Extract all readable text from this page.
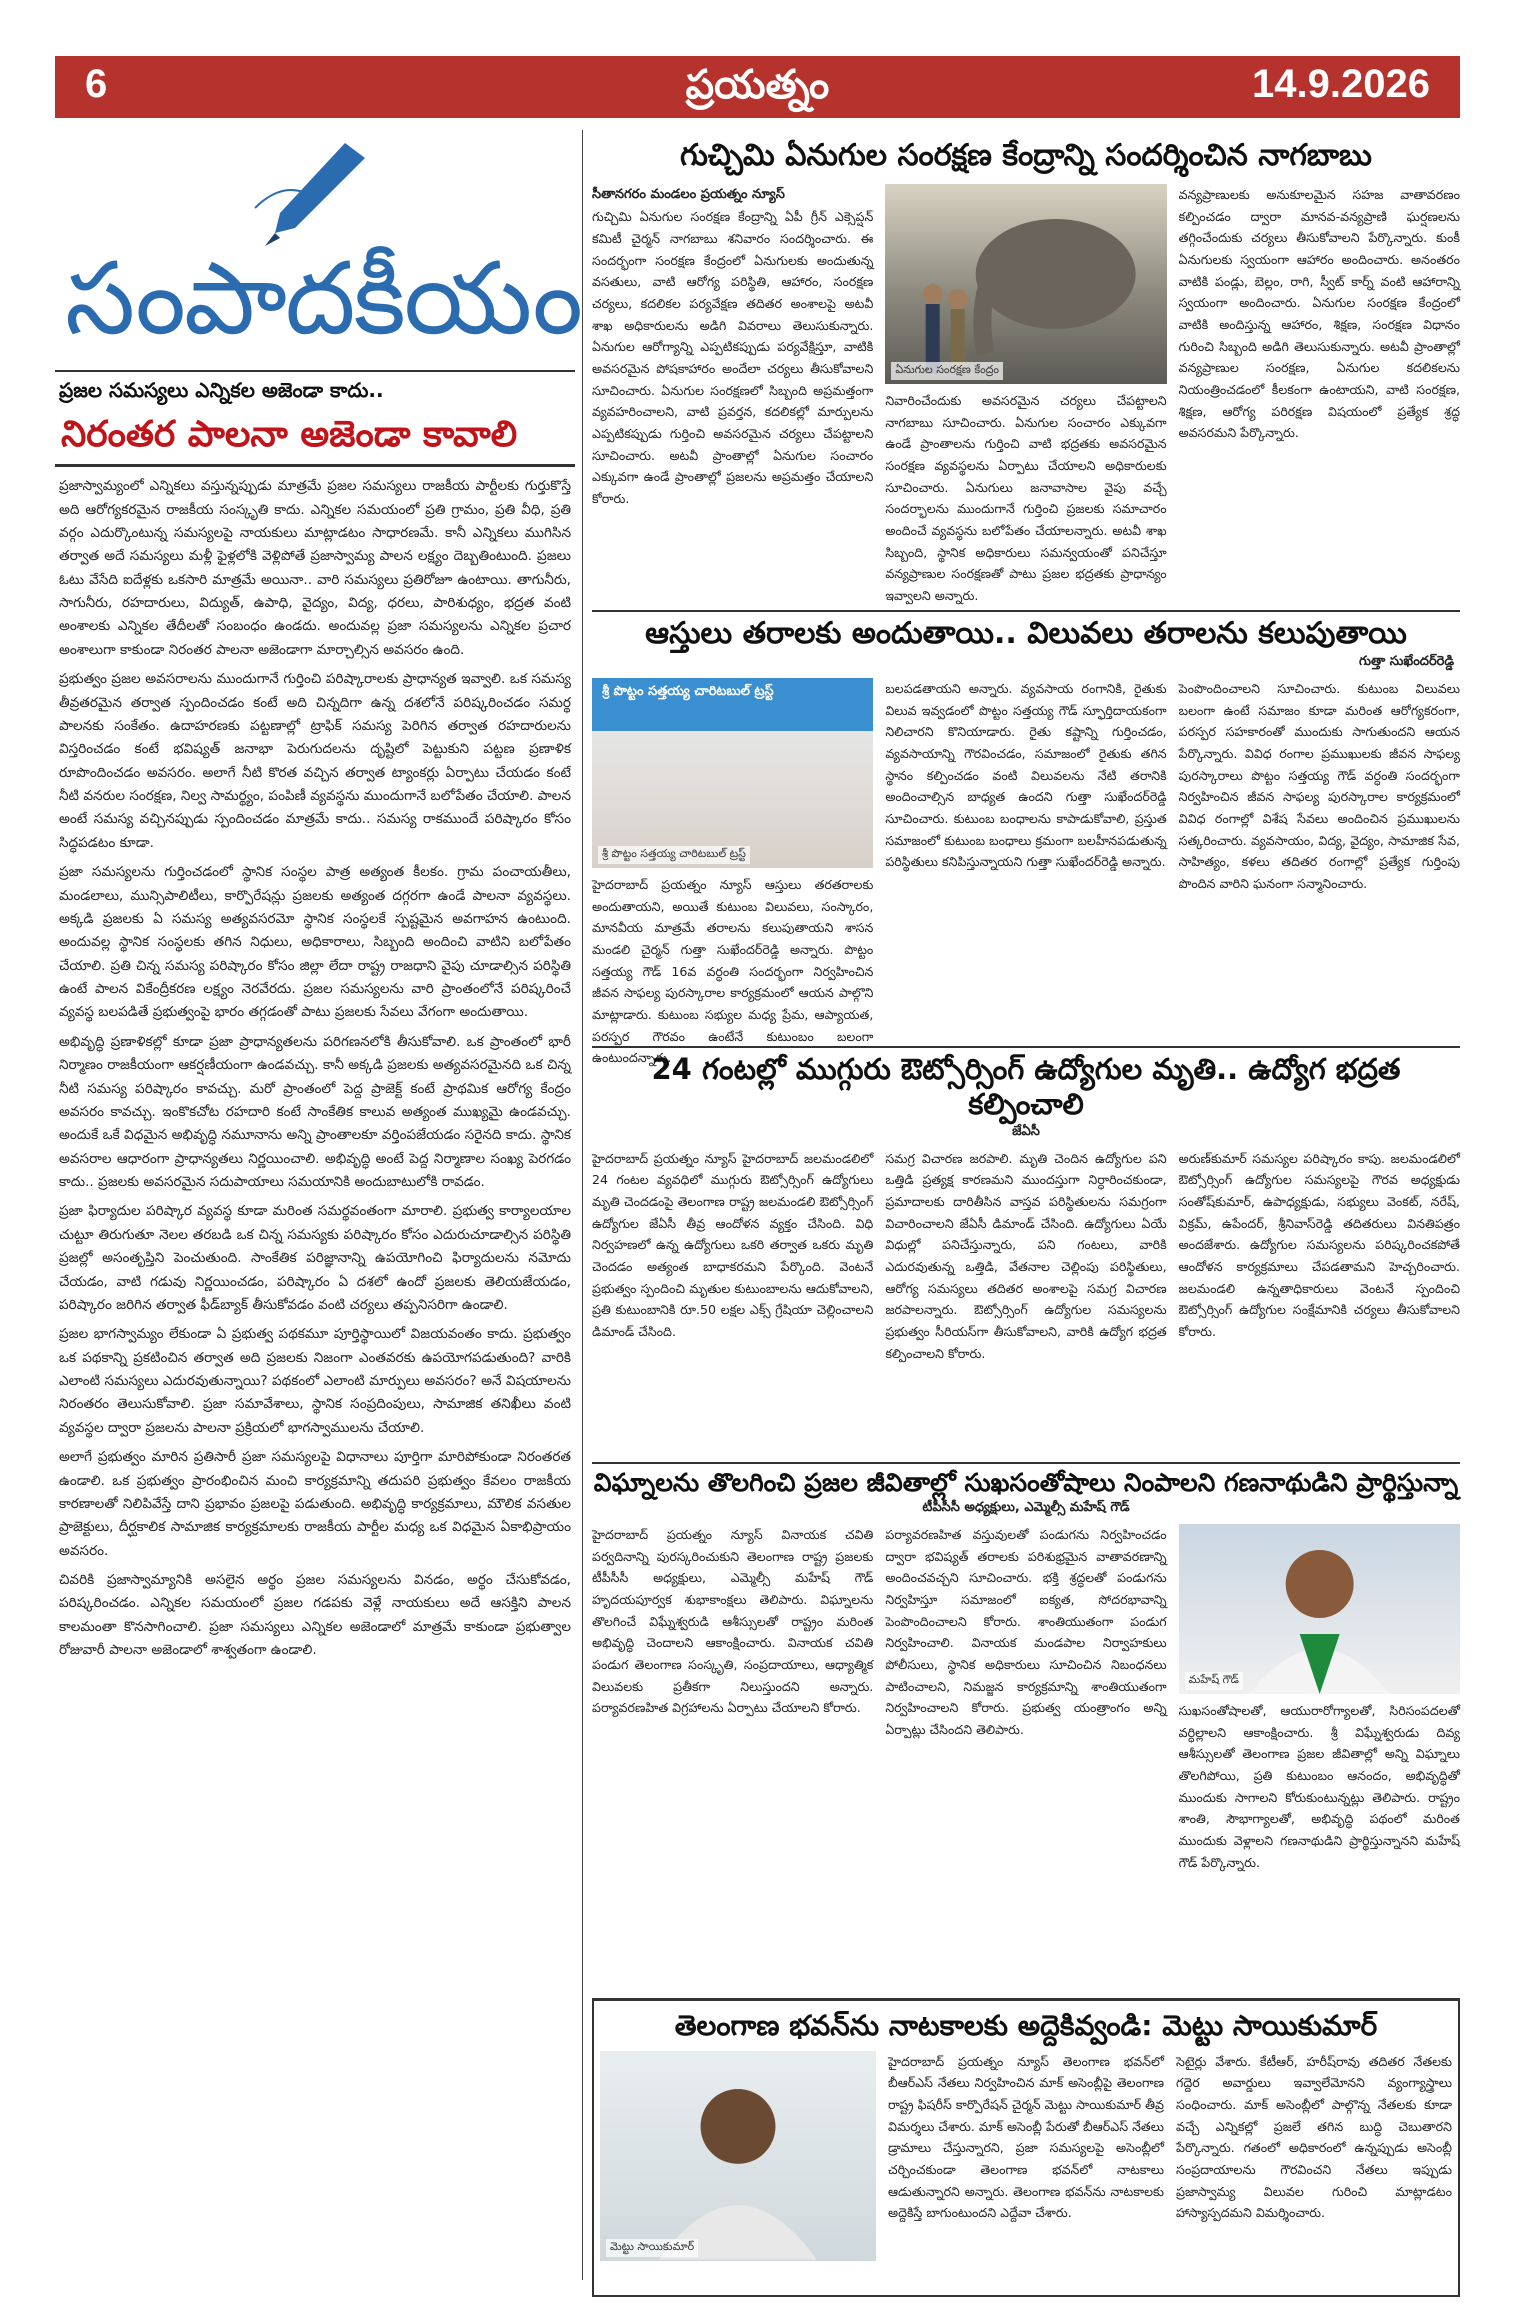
6	ప్రయత్నం	14.9.2026
సంపాదకీయం
ప్రజల సమస్యలు ఎన్నికల అజెండా కాదు..
నిరంతర పాలనా అజెండా కావాలి

ప్రజాస్వామ్యంలో ఎన్నికలు వస్తున్నప్పుడు మాత్రమే ప్రజల సమస్యలు రాజకీయ పార్టీలకు గుర్తుకొస్తే అది ఆరోగ్యకరమైన రాజకీయ సంస్కృతి కాదు. ఎన్నికల సమయంలో ప్రతి గ్రామం, ప్రతి వీధి, ప్రతి వర్గం ఎదుర్కొంటున్న సమస్యలపై నాయకులు మాట్లాడటం సాధారణమే. కానీ ఎన్నికలు ముగిసిన తర్వాత అదే సమస్యలు మళ్లీ ఫైళ్లలోకి వెళ్లిపోతే ప్రజాస్వామ్య పాలన లక్ష్యం దెబ్బతింటుంది. ప్రజలు ఓటు వేసేది ఐదేళ్లకు ఒకసారి మాత్రమే అయినా.. వారి సమస్యలు ప్రతిరోజూ ఉంటాయి. తాగునీరు, సాగునీరు, రహదారులు, విద్యుత్, ఉపాధి, వైద్యం, విద్య, ధరలు, పారిశుధ్యం, భద్రత వంటి అంశాలకు ఎన్నికల తేదీలతో సంబంధం ఉండదు. అందువల్ల ప్రజా సమస్యలను ఎన్నికల ప్రచార అంశాలుగా కాకుండా నిరంతర పాలనా అజెండాగా మార్చాల్సిన అవసరం ఉంది.

ప్రభుత్వం ప్రజల అవసరాలను ముందుగానే గుర్తించి పరిష్కారాలకు ప్రాధాన్యత ఇవ్వాలి. ఒక సమస్య తీవ్రతరమైన తర్వాత స్పందించడం కంటే అది చిన్నదిగా ఉన్న దశలోనే పరిష్కరించడం సమర్థ పాలనకు సంకేతం. ఉదాహరణకు పట్టణాల్లో ట్రాఫిక్ సమస్య పెరిగిన తర్వాత రహదారులను విస్తరించడం కంటే భవిష్యత్ జనాభా పెరుగుదలను దృష్టిలో పెట్టుకుని పట్టణ ప్రణాళిక రూపొందించడం అవసరం. అలాగే నీటి కొరత వచ్చిన తర్వాత ట్యాంకర్లు ఏర్పాటు చేయడం కంటే నీటి వనరుల సంరక్షణ, నిల్వ సామర్థ్యం, పంపిణీ వ్యవస్థను ముందుగానే బలోపేతం చేయాలి. పాలన అంటే సమస్య వచ్చినప్పుడు స్పందించడం మాత్రమే కాదు.. సమస్య రాకముందే పరిష్కారం కోసం సిద్ధపడటం కూడా.

ప్రజా సమస్యలను గుర్తించడంలో స్థానిక సంస్థల పాత్ర అత్యంత కీలకం. గ్రామ పంచాయతీలు, మండలాలు, మున్సిపాలిటీలు, కార్పొరేషన్లు ప్రజలకు అత్యంత దగ్గరగా ఉండే పాలనా వ్యవస్థలు. అక్కడి ప్రజలకు ఏ సమస్య అత్యవసరమో స్థానిక సంస్థలకే స్పష్టమైన అవగాహన ఉంటుంది. అందువల్ల స్థానిక సంస్థలకు తగిన నిధులు, అధికారాలు, సిబ్బంది అందించి వాటిని బలోపేతం చేయాలి. ప్రతి చిన్న సమస్య పరిష్కారం కోసం జిల్లా లేదా రాష్ట్ర రాజధాని వైపు చూడాల్సిన పరిస్థితి ఉంటే పాలన వికేంద్రీకరణ లక్ష్యం నెరవేరదు. ప్రజల సమస్యలను వారి ప్రాంతంలోనే పరిష్కరించే వ్యవస్థ బలపడితే ప్రభుత్వంపై భారం తగ్గడంతో పాటు ప్రజలకు సేవలు వేగంగా అందుతాయి.

అభివృద్ధి ప్రణాళికల్లో కూడా ప్రజా ప్రాధాన్యతలను పరిగణనలోకి తీసుకోవాలి. ఒక ప్రాంతంలో భారీ నిర్మాణం రాజకీయంగా ఆకర్షణీయంగా ఉండవచ్చు. కానీ అక్కడి ప్రజలకు అత్యవసరమైనది ఒక చిన్న నీటి సమస్య పరిష్కారం కావచ్చు. మరో ప్రాంతంలో పెద్ద ప్రాజెక్ట్ కంటే ప్రాథమిక ఆరోగ్య కేంద్రం అవసరం కావచ్చు. ఇంకొకచోట రహదారి కంటే సాంకేతిక కాలువ అత్యంత ముఖ్యమై ఉండవచ్చు. అందుకే ఒకే విధమైన అభివృద్ధి నమూనాను అన్ని ప్రాంతాలకూ వర్తింపజేయడం సరైనది కాదు. స్థానిక అవసరాల ఆధారంగా ప్రాధాన్యతలు నిర్ణయించాలి. అభివృద్ధి అంటే పెద్ద నిర్మాణాల సంఖ్య పెరగడం కాదు.. ప్రజలకు అవసరమైన సదుపాయాలు సమయానికి అందుబాటులోకి రావడం.

ప్రజా ఫిర్యాదుల పరిష్కార వ్యవస్థ కూడా మరింత సమర్థవంతంగా మారాలి. ప్రభుత్వ కార్యాలయాల చుట్టూ తిరుగుతూ నెలల తరబడి ఒక చిన్న సమస్యకు పరిష్కారం కోసం ఎదురుచూడాల్సిన పరిస్థితి ప్రజల్లో అసంతృప్తిని పెంచుతుంది. సాంకేతిక పరిజ్ఞానాన్ని ఉపయోగించి ఫిర్యాదులను నమోదు చేయడం, వాటి గడువు నిర్ణయించడం, పరిష్కారం ఏ దశలో ఉందో ప్రజలకు తెలియజేయడం, పరిష్కారం జరిగిన తర్వాత ఫీడ్‌బ్యాక్ తీసుకోవడం వంటి చర్యలు తప్పనిసరిగా ఉండాలి.

ప్రజల భాగస్వామ్యం లేకుండా ఏ ప్రభుత్వ పథకమూ పూర్తిస్థాయిలో విజయవంతం కాదు. ప్రభుత్వం ఒక పథకాన్ని ప్రకటించిన తర్వాత అది ప్రజలకు నిజంగా ఎంతవరకు ఉపయోగపడుతుంది? వారికి ఎలాంటి సమస్యలు ఎదురవుతున్నాయి? పథకంలో ఎలాంటి మార్పులు అవసరం? అనే విషయాలను నిరంతరం తెలుసుకోవాలి. ప్రజా సమావేశాలు, స్థానిక సంప్రదింపులు, సామాజిక తనిఖీలు వంటి వ్యవస్థల ద్వారా ప్రజలను పాలనా ప్రక్రియలో భాగస్వాములను చేయాలి.

అలాగే ప్రభుత్వం మారిన ప్రతిసారీ ప్రజా సమస్యలపై విధానాలు పూర్తిగా మారిపోకుండా నిరంతరత ఉండాలి. ఒక ప్రభుత్వం ప్రారంభించిన మంచి కార్యక్రమాన్ని తదుపరి ప్రభుత్వం కేవలం రాజకీయ కారణాలతో నిలిపివేస్తే దాని ప్రభావం ప్రజలపై పడుతుంది. అభివృద్ధి కార్యక్రమాలు, మౌలిక వసతుల ప్రాజెక్టులు, దీర్ఘకాలిక సామాజిక కార్యక్రమాలకు రాజకీయ పార్టీల మధ్య ఒక విధమైన ఏకాభిప్రాయం అవసరం.

చివరికి ప్రజాస్వామ్యానికి అసలైన అర్థం ప్రజల సమస్యలను వినడం, అర్థం చేసుకోవడం, పరిష్కరించడం. ఎన్నికల సమయంలో ప్రజల గడపకు వెళ్లే నాయకులు అదే ఆసక్తిని పాలన కాలమంతా కొనసాగించాలి. ప్రజా సమస్యలు ఎన్నికల అజెండాలో మాత్రమే కాకుండా ప్రభుత్వాల రోజువారీ పాలనా అజెండాలో శాశ్వతంగా ఉండాలి.

గుచ్చిమి ఏనుగుల సంరక్షణ కేంద్రాన్ని సందర్శించిన నాగబాబు
సీతానగరం మండలం ప్రయత్నం న్యూస్

గుచ్చిమి ఏనుగుల సంరక్షణ కేంద్రాన్ని ఏపీ గ్రీన్ ఎక్సెప్షన్ కమిటీ చైర్మన్ నాగబాబు శనివారం సందర్శించారు. ఈ సందర్భంగా సంరక్షణ కేంద్రంలో ఏనుగులకు అందుతున్న వసతులు, వాటి ఆరోగ్య పరిస్థితి, ఆహారం, సంరక్షణ చర్యలు, కదలికల పర్యవేక్షణ తదితర అంశాలపై అటవీ శాఖ అధికారులను అడిగి వివరాలు తెలుసుకున్నారు. ఏనుగుల ఆరోగ్యాన్ని ఎప్పటికప్పుడు పర్యవేక్షిస్తూ, వాటికి అవసరమైన పోషకాహారం అందేలా చర్యలు తీసుకోవాలని సూచించారు. ఏనుగుల సంరక్షణలో సిబ్బంది అప్రమత్తంగా వ్యవహరించాలని, వాటి ప్రవర్తన, కదలికల్లో మార్పులను ఎప్పటికప్పుడు గుర్తించి అవసరమైన చర్యలు చేపట్టాలని సూచించారు. అటవీ ప్రాంతాల్లో ఏనుగుల సంచారం ఎక్కువగా ఉండే ప్రాంతాల్లో ప్రజలను అప్రమత్తం చేయాలని కోరారు.

ఏనుగుల సంరక్షణ కేంద్రం

నివారించేందుకు అవసరమైన చర్యలు చేపట్టాలని నాగబాబు సూచించారు. ఏనుగుల సంచారం ఎక్కువగా ఉండే ప్రాంతాలను గుర్తించి వాటి భద్రతకు అవసరమైన సంరక్షణ వ్యవస్థలను ఏర్పాటు చేయాలని అధికారులకు సూచించారు. ఏనుగులు జనావాసాల వైపు వచ్చే సందర్భాలను ముందుగానే గుర్తించి ప్రజలకు సమాచారం అందించే వ్యవస్థను బలోపేతం చేయాలన్నారు. అటవీ శాఖ సిబ్బంది, స్థానిక అధికారులు సమన్వయంతో పనిచేస్తూ వన్యప్రాణుల సంరక్షణతో పాటు ప్రజల భద్రతకు ప్రాధాన్యం ఇవ్వాలని అన్నారు.

వన్యప్రాణులకు అనుకూలమైన సహజ వాతావరణం కల్పించడం ద్వారా మానవ-వన్యప్రాణి ఘర్షణలను తగ్గించేందుకు చర్యలు తీసుకోవాలని పేర్కొన్నారు. కుంకీ ఏనుగులకు స్వయంగా ఆహారం అందించారు. అనంతరం వాటికి పండ్లు, బెల్లం, రాగి, స్వీట్ కార్న్ వంటి ఆహారాన్ని స్వయంగా అందించారు. ఏనుగుల సంరక్షణ కేంద్రంలో వాటికి అందిస్తున్న ఆహారం, శిక్షణ, సంరక్షణ విధానం గురించి సిబ్బంది అడిగి తెలుసుకున్నారు. అటవీ ప్రాంతాల్లో వన్యప్రాణుల సంరక్షణ, ఏనుగుల కదలికలను నియంత్రించడంలో కీలకంగా ఉంటాయని, వాటి సంరక్షణ, శిక్షణ, ఆరోగ్య పరిరక్షణ విషయంలో ప్రత్యేక శ్రద్ధ అవసరమని పేర్కొన్నారు.

ఆస్తులు తరాలకు అందుతాయి.. విలువలు తరాలను కలుపుతాయి
గుత్తా సుఖేందర్‌రెడ్డి
శ్రీ పొట్టం సత్తయ్య చారిటబుల్ ట్రస్ట్
శ్రీ పొట్టం సత్తయ్య చారిటబుల్ ట్రస్ట్

హైదరాబాద్ ప్రయత్నం న్యూస్ ఆస్తులు తరతరాలకు అందుతాయని, అయితే కుటుంబ విలువలు, సంస్కారం, మానవీయ మాత్రమే తరాలను కలుపుతాయని శాసన మండలి చైర్మన్ గుత్తా సుఖేందర్‌రెడ్డి అన్నారు. పొట్టం సత్తయ్య గౌడ్ 16వ వర్ధంతి సందర్భంగా నిర్వహించిన జీవన సాఫల్య పురస్కారాల కార్యక్రమంలో ఆయన పాల్గొని మాట్లాడారు. కుటుంబ సభ్యుల మధ్య ప్రేమ, ఆప్యాయత, పరస్పర గౌరవం ఉంటేనే కుటుంబం బలంగా ఉంటుందన్నారు.

బలపడతాయని అన్నారు. వ్యవసాయ రంగానికి, రైతుకు విలువ ఇవ్వడంలో పొట్టం సత్తయ్య గౌడ్ స్ఫూర్తిదాయకంగా నిలిచారని కొనియాడారు. రైతు కష్టాన్ని గుర్తించడం, వ్యవసాయాన్ని గౌరవించడం, సమాజంలో రైతుకు తగిన స్థానం కల్పించడం వంటి విలువలను నేటి తరానికి అందించాల్సిన బాధ్యత ఉందని గుత్తా సుఖేందర్‌రెడ్డి సూచించారు. కుటుంబ బంధాలను కాపాడుకోవాలి, ప్రస్తుత సమాజంలో కుటుంబ బంధాలు క్రమంగా బలహీనపడుతున్న పరిస్థితులు కనిపిస్తున్నాయని గుత్తా సుఖేందర్‌రెడ్డి అన్నారు.

పెంపొందించాలని సూచించారు. కుటుంబ విలువలు బలంగా ఉంటే సమాజం కూడా మరింత ఆరోగ్యకరంగా, పరస్పర సహకారంతో ముందుకు సాగుతుందని ఆయన పేర్కొన్నారు. వివిధ రంగాల ప్రముఖులకు జీవన సాఫల్య పురస్కారాలు పొట్టం సత్తయ్య గౌడ్ వర్ధంతి సందర్భంగా నిర్వహించిన జీవన సాఫల్య పురస్కారాల కార్యక్రమంలో వివిధ రంగాల్లో విశేష సేవలు అందించిన ప్రముఖులను సత్కరించారు. వ్యవసాయం, విద్య, వైద్యం, సామాజిక సేవ, సాహిత్యం, కళలు తదితర రంగాల్లో ప్రత్యేక గుర్తింపు పొందిన వారిని ఘనంగా సన్మానించారు.

24 గంటల్లో ముగ్గురు ఔట్సోర్సింగ్ ఉద్యోగుల మృతి.. ఉద్యోగ భద్రత కల్పించాలి
జేఏసీ

హైదరాబాద్ ప్రయత్నం న్యూస్ హైదరాబాద్ జలమండలిలో 24 గంటల వ్యవధిలో ముగ్గురు ఔట్సోర్సింగ్ ఉద్యోగులు మృతి చెందడంపై తెలంగాణ రాష్ట్ర జలమండలి ఔట్సోర్సింగ్ ఉద్యోగుల జేఏసీ తీవ్ర ఆందోళన వ్యక్తం చేసింది. విధి నిర్వహణలో ఉన్న ఉద్యోగులు ఒకరి తర్వాత ఒకరు మృతి చెందడం అత్యంత బాధాకరమని పేర్కొంది. వెంటనే ప్రభుత్వం స్పందించి మృతుల కుటుంబాలను ఆదుకోవాలని, ప్రతి కుటుంబానికి రూ.50 లక్షల ఎక్స్ గ్రేషియా చెల్లించాలని డిమాండ్ చేసింది.

సమగ్ర విచారణ జరపాలి. మృతి చెందిన ఉద్యోగుల పని ఒత్తిడి ప్రత్యక్ష కారణమని ముందస్తుగా నిర్ధారించకుండా, ప్రమాదాలకు దారితీసిన వాస్తవ పరిస్థితులను సమగ్రంగా విచారించాలని జేఏసీ డిమాండ్ చేసింది. ఉద్యోగులు ఏయే విధుల్లో పనిచేస్తున్నారు, పని గంటలు, వారికి ఎదురవుతున్న ఒత్తిడి, వేతనాల చెల్లింపు పరిస్థితులు, ఆరోగ్య సమస్యలు తదితర అంశాలపై సమగ్ర విచారణ జరపాలన్నారు. ఔట్సోర్సింగ్ ఉద్యోగుల సమస్యలను ప్రభుత్వం సీరియస్‌గా తీసుకోవాలని, వారికి ఉద్యోగ భద్రత కల్పించాలని కోరారు.

అరుణ్‌కుమార్ సమస్యల పరిష్కారం కాపు. జలమండలిలో ఔట్సోర్సింగ్ ఉద్యోగుల సమస్యలపై గౌరవ అధ్యక్షుడు సంతోష్‌కుమార్, ఉపాధ్యక్షుడు, సభ్యులు వెంకట్, నరేష్, విక్రమ్, ఉపేందర్, శ్రీనివాస్‌రెడ్డి తదితరులు వినతిపత్రం అందజేశారు. ఉద్యోగుల సమస్యలను పరిష్కరించకపోతే ఆందోళన కార్యక్రమాలు చేపడతామని హెచ్చరించారు. జలమండలి ఉన్నతాధికారులు వెంటనే స్పందించి ఔట్సోర్సింగ్ ఉద్యోగుల సంక్షేమానికి చర్యలు తీసుకోవాలని కోరారు.

విఘ్నాలను తొలగించి ప్రజల జీవితాల్లో సుఖసంతోషాలు నింపాలని గణనాథుడిని ప్రార్థిస్తున్నా
టీపీసీసీ అధ్యక్షులు, ఎమ్మెల్సీ మహేష్ గౌడ్

హైదరాబాద్ ప్రయత్నం న్యూస్ వినాయక చవితి పర్వదినాన్ని పురస్కరించుకుని తెలంగాణ రాష్ట్ర ప్రజలకు టీపీసీసీ అధ్యక్షులు, ఎమ్మెల్సీ మహేష్ గౌడ్ హృదయపూర్వక శుభాకాంక్షలు తెలిపారు. విఘ్నాలను తొలగించే విఘ్నేశ్వరుడి ఆశీస్సులతో రాష్ట్రం మరింత అభివృద్ధి చెందాలని ఆకాంక్షించారు. వినాయక చవితి పండుగ తెలంగాణ సంస్కృతి, సంప్రదాయాలు, ఆధ్యాత్మిక విలువలకు ప్రతీకగా నిలుస్తుందని అన్నారు. పర్యావరణహిత విగ్రహాలను ఏర్పాటు చేయాలని కోరారు.

పర్యావరణహిత వస్తువులతో పండుగను నిర్వహించడం ద్వారా భవిష్యత్ తరాలకు పరిశుభ్రమైన వాతావరణాన్ని అందించవచ్చని సూచించారు. భక్తి శ్రద్ధలతో పండుగను నిర్వహిస్తూ సమాజంలో ఐక్యత, సోదరభావాన్ని పెంపొందించాలని కోరారు. శాంతియుతంగా పండుగ నిర్వహించాలి. వినాయక మండపాల నిర్వాహకులు పోలీసులు, స్థానిక అధికారులు సూచించిన నిబంధనలు పాటించాలని, నిమజ్జన కార్యక్రమాన్ని శాంతియుతంగా నిర్వహించాలని కోరారు. ప్రభుత్వ యంత్రాంగం అన్ని ఏర్పాట్లు చేసిందని తెలిపారు.

మహేష్ గౌడ్

సుఖసంతోషాలతో, ఆయురారోగ్యాలతో, సిరిసంపదలతో వర్ధిల్లాలని ఆకాంక్షించారు. శ్రీ విఘ్నేశ్వరుడు దివ్య ఆశీస్సులతో తెలంగాణ ప్రజల జీవితాల్లో అన్ని విఘ్నాలు తొలగిపోయి, ప్రతి కుటుంబం ఆనందం, అభివృద్ధితో ముందుకు సాగాలని కోరుకుంటున్నట్లు తెలిపారు. రాష్ట్రం శాంతి, సౌభాగ్యాలతో, అభివృద్ధి పథంలో మరింత ముందుకు వెళ్లాలని గణనాథుడిని ప్రార్థిస్తున్నానని మహేష్ గౌడ్ పేర్కొన్నారు.

తెలంగాణ భవన్‌ను నాటకాలకు అద్దెకివ్వండి: మెట్టు సాయికుమార్
మెట్టు సాయికుమార్

హైదరాబాద్ ప్రయత్నం న్యూస్ తెలంగాణ భవన్‌లో బీఆర్ఎస్ నేతలు నిర్వహించిన మాక్ అసెంబ్లీపై తెలంగాణ రాష్ట్ర ఫిషరీస్ కార్పొరేషన్ చైర్మన్ మెట్టు సాయికుమార్ తీవ్ర విమర్శలు చేశారు. మాక్ అసెంబ్లీ పేరుతో బీఆర్ఎస్ నేతలు డ్రామాలు చేస్తున్నారని, ప్రజా సమస్యలపై అసెంబ్లీలో చర్చించకుండా తెలంగాణ భవన్‌లో నాటకాలు ఆడుతున్నారని అన్నారు. తెలంగాణ భవన్‌ను నాటకాలకు అద్దెకిస్తే బాగుంటుందని ఎద్దేవా చేశారు.

సెటైర్లు వేశారు. కేటీఆర్, హరీష్‌రావు తదితర నేతలకు గద్దెర అవార్డులు ఇవ్వాలేమోనని వ్యంగ్యాస్త్రాలు సంధించారు. మాక్ అసెంబ్లీలో పాల్గొన్న నేతలకు కూడా వచ్చే ఎన్నికల్లో ప్రజలే తగిన బుద్ధి చెబుతారని పేర్కొన్నారు. గతంలో అధికారంలో ఉన్నప్పుడు అసెంబ్లీ సంప్రదాయాలను గౌరవించని నేతలు ఇప్పుడు ప్రజాస్వామ్య విలువల గురించి మాట్లాడటం హాస్యాస్పదమని విమర్శించారు.
